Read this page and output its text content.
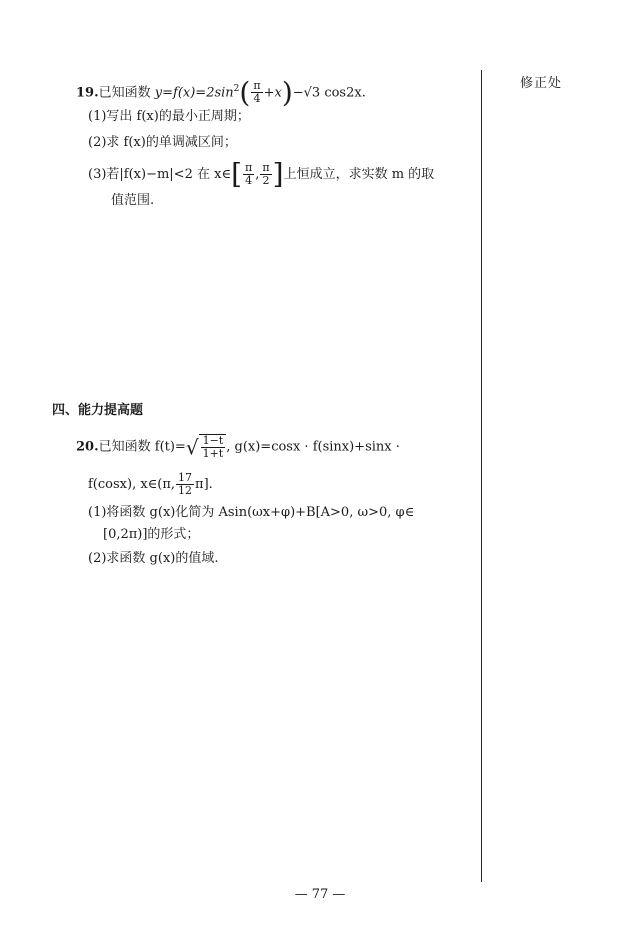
修正处
19.已知函数 $y=f(x)=2\sin^2( \frac{\pi}{4} +x)-√3$ cos2x.
(1)写出 f(x)的最小正周期；
(2)求 f(x)的单调减区间；
(3)若|f(x)−m|<2 在 x∈[ $\frac{\pi}{4}$ , $\frac{\pi}{2}$ ]上恒成立，求实数 m 的取
值范围.
四、能力提高题
20.已知函数 $f(t)=√ \frac{1-t}{1+t}$ , g(x)=cosx · f(sinx)+sinx ·
f(cosx), x∈(π, $\frac{17}{12} \pi$].
(1)将函数 g(x)化简为 Asin(ωx+φ)+B[A>0, ω>0, φ∈
[0,2π)]的形式；
(2)求函数 g(x)的值域.
— 77 —
